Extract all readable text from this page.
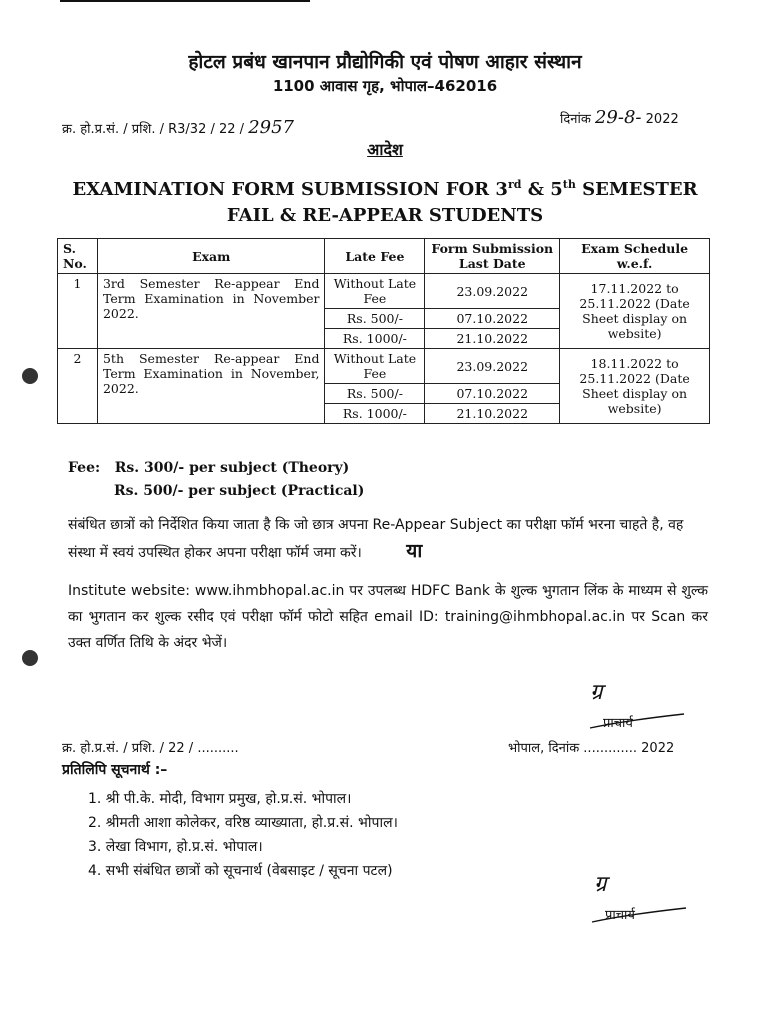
होटल प्रबंध खानपान प्रौद्योगिकी एवं पोषण आहार संस्थान
1100 आवास गृह, भोपाल–462016
क्र. हो.प्र.सं. / प्रशि. / R3/32 / 22 / 2957	दिनांक 29-8- 2022
आदेश
EXAMINATION FORM SUBMISSION FOR 3rd & 5th SEMESTER
FAIL & RE-APPEAR STUDENTS
S. No.	Exam	Late Fee	Form Submission Last Date	Exam Schedule w.e.f.
1	3rd Semester Re-appear End Term Examination in November 2022.	Without Late Fee	23.09.2022	17.11.2022 to 25.11.2022 (Date Sheet display on website)
		Rs. 500/-	07.10.2022	
		Rs. 1000/-	21.10.2022	
2	5th Semester Re-appear End Term Examination in November, 2022.	Without Late Fee	23.09.2022	18.11.2022 to 25.11.2022 (Date Sheet display on website)
		Rs. 500/-	07.10.2022	
		Rs. 1000/-	21.10.2022	
Fee: Rs. 300/- per subject (Theory)
Rs. 500/- per subject (Practical)
संबंधित छात्रों को निर्देशित किया जाता है कि जो छात्र अपना Re-Appear Subject का परीक्षा फॉर्म भरना चाहते है, वह संस्था में स्वयं उपस्थित होकर अपना परीक्षा फॉर्म जमा करें। या
Institute website: www.ihmbhopal.ac.in पर उपलब्ध HDFC Bank के शुल्क भुगतान लिंक के माध्यम से शुल्क का भुगतान कर शुल्क रसीद एवं परीक्षा फॉर्म फोटो सहित email ID: training@ihmbhopal.ac.in पर Scan कर उक्त वर्णित तिथि के अंदर भेजें।
ग्र
प्राचार्य
क्र. हो.प्र.सं. / प्रशि. / 22 / ..........	भोपाल, दिनांक ............. 2022
प्रतिलिपि सूचनार्थ :–
1. श्री पी.के. मोदी, विभाग प्रमुख, हो.प्र.सं. भोपाल।
2. श्रीमती आशा कोलेकर, वरिष्ठ व्याख्याता, हो.प्र.सं. भोपाल।
3. लेखा विभाग, हो.प्र.सं. भोपाल।
4. सभी संबंधित छात्रों को सूचनार्थ (वेबसाइट / सूचना पटल)
ग्र
प्राचार्य
